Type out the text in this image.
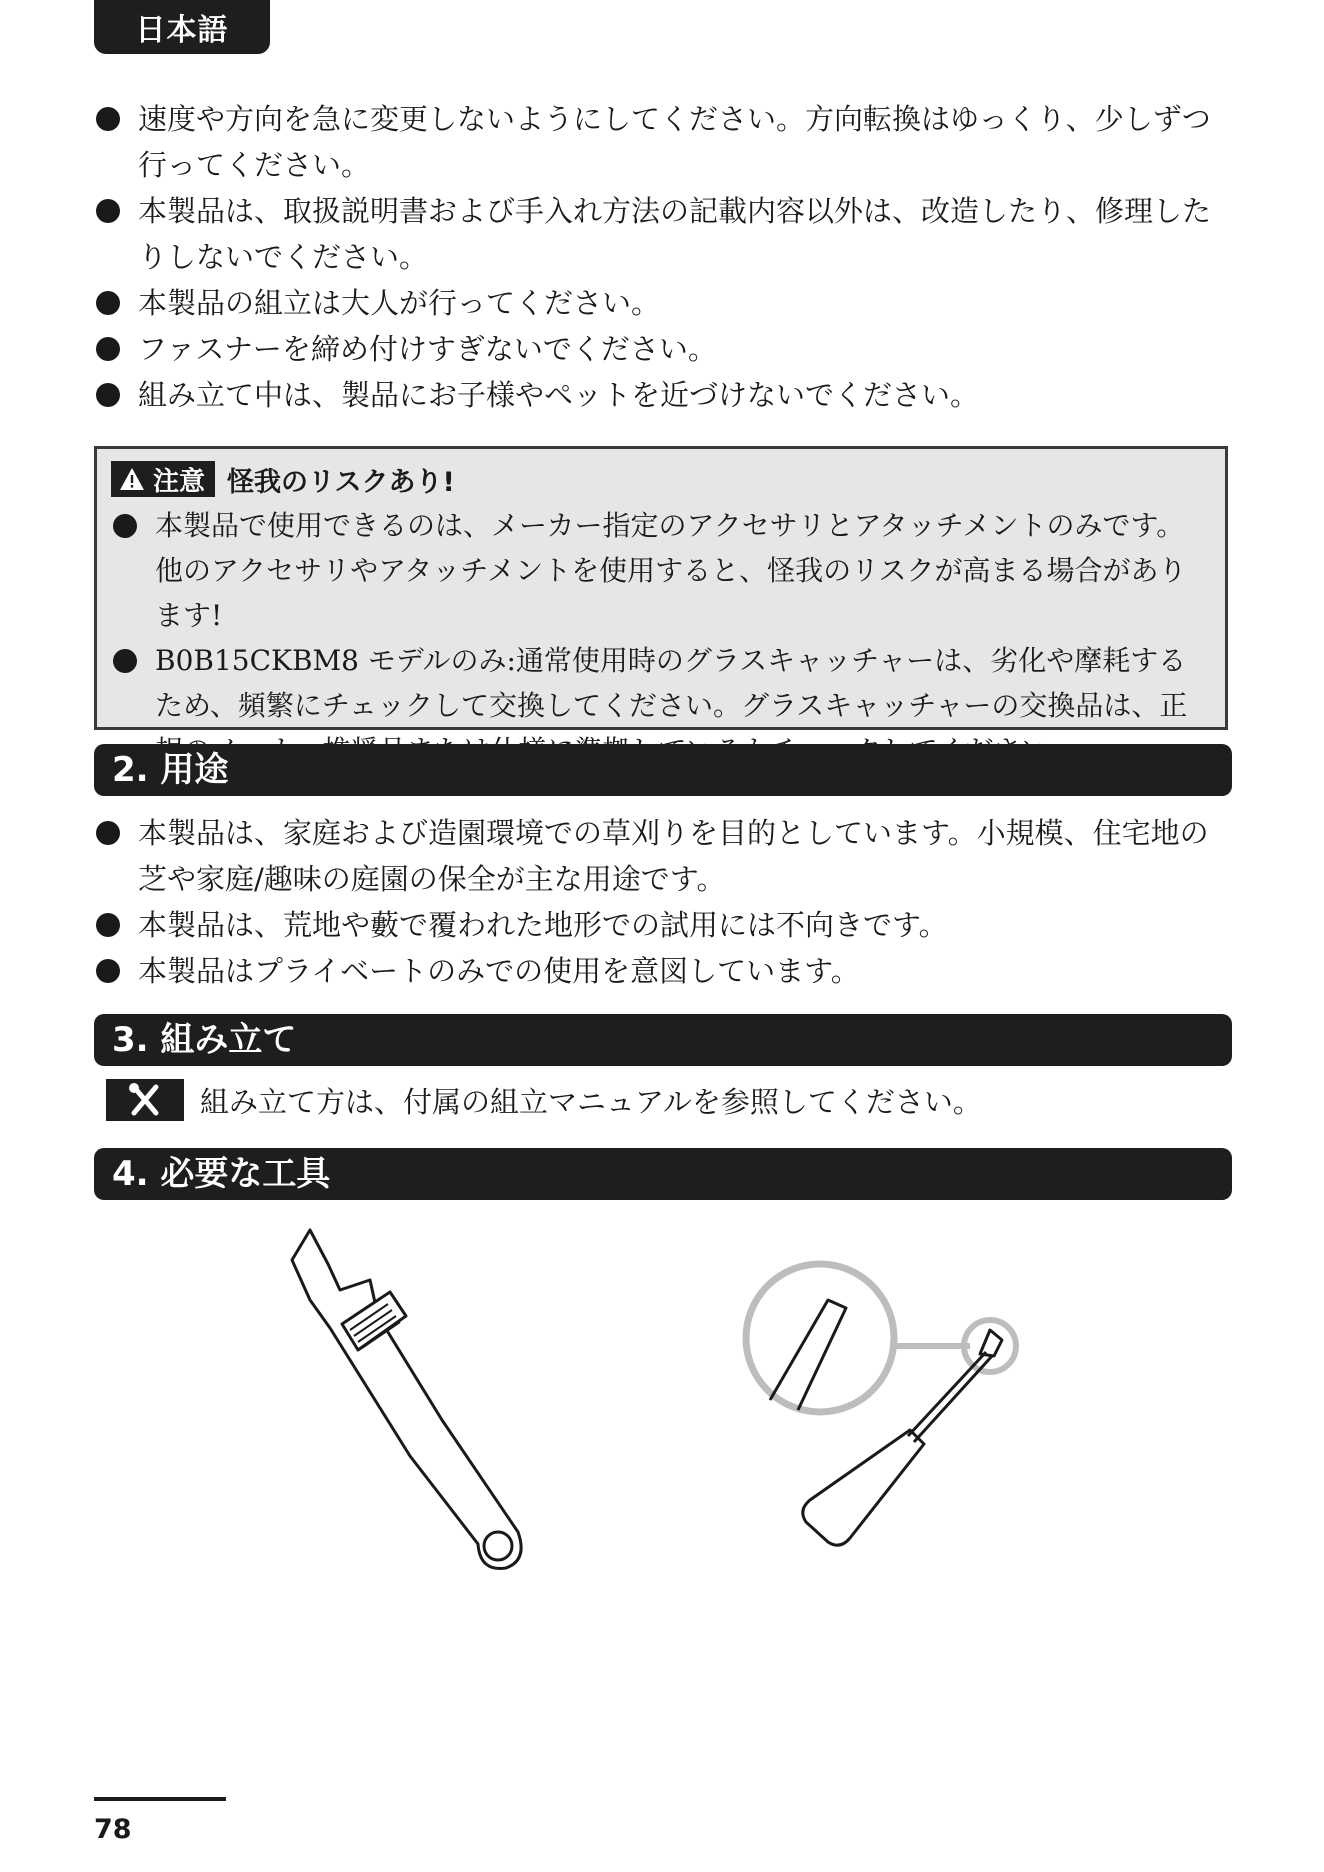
日本語
速度や方向を急に変更しないようにしてください。方向転換はゆっくり、少しずつ行ってください。
本製品は、取扱説明書および手入れ方法の記載内容以外は、改造したり、修理したりしないでください。
本製品の組立は大人が行ってください。
ファスナーを締め付けすぎないでください。
組み立て中は、製品にお子様やペットを近づけないでください。
注意 怪我のリスクあり!
本製品で使用できるのは、メーカー指定のアクセサリとアタッチメントのみです。他のアクセサリやアタッチメントを使用すると、怪我のリスクが高まる場合があります!
B0B15CKBM8 モデルのみ:通常使用時のグラスキャッチャーは、劣化や摩耗するため、頻繁にチェックして交換してください。グラスキャッチャーの交換品は、正
2. 用途
本製品は、家庭および造園環境での草刈りを目的としています。小規模、住宅地の芝や家庭/趣味の庭園の保全が主な用途です。
本製品は、荒地や藪で覆われた地形での試用には不向きです。
本製品はプライベートのみでの使用を意図しています。
3. 組み立て
組み立て方は、付属の組立マニュアルを参照してください。
4. 必要な工具
78
